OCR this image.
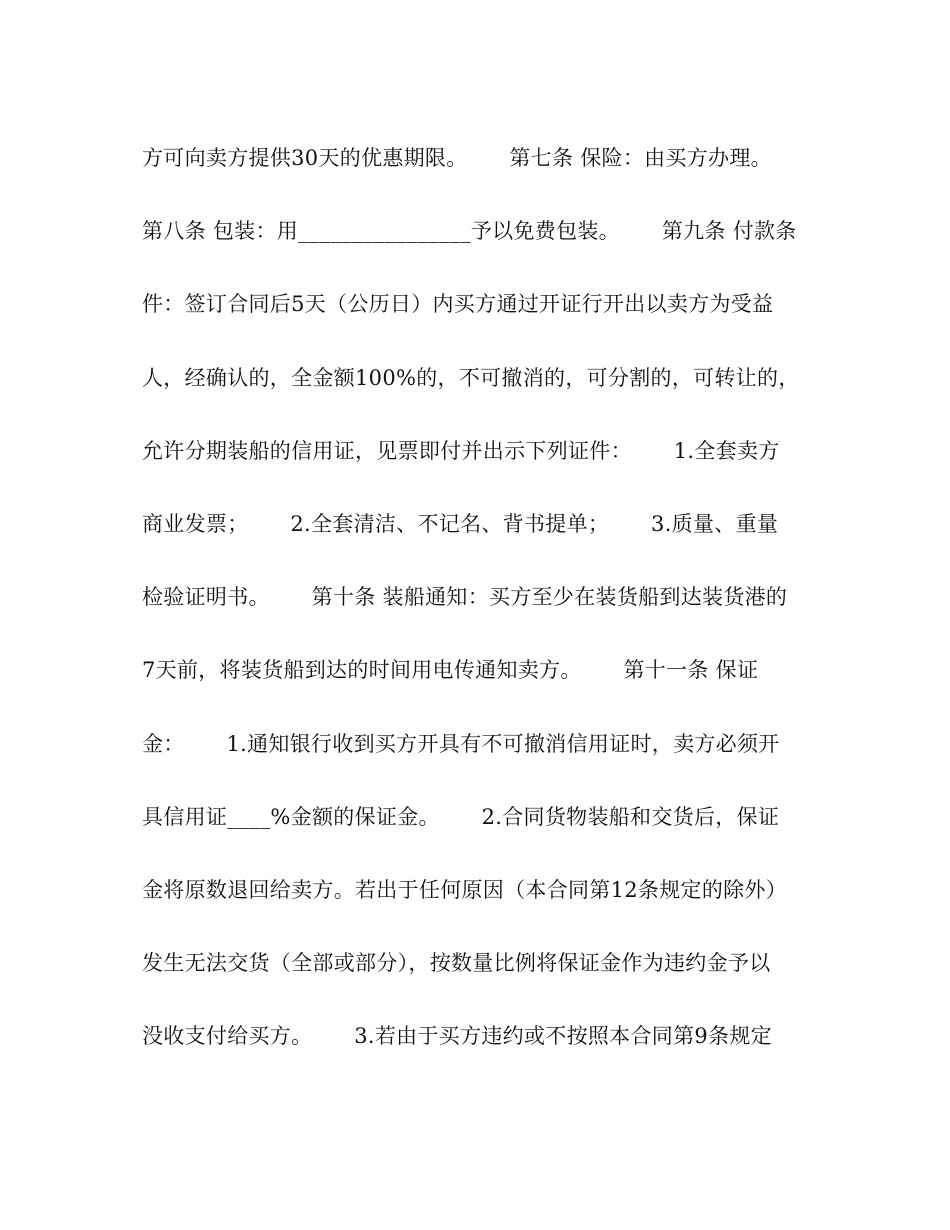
方可向卖方提供30天的优惠期限。      第七条 保险：由买方办理。
第八条 包装：用________________予以免费包装。      第九条 付款条
件：签订合同后5天（公历日）内买方通过开证行开出以卖方为受益
人，经确认的，全金额100%的，不可撤消的，可分割的，可转让的，
允许分期装船的信用证，见票即付并出示下列证件：      1.全套卖方
商业发票；      2.全套清洁、不记名、背书提单；      3.质量、重量
检验证明书。      第十条 装船通知：买方至少在装货船到达装货港的
7天前，将装货船到达的时间用电传通知卖方。      第十一条 保证
金：      1.通知银行收到买方开具有不可撤消信用证时，卖方必须开
具信用证____%金额的保证金。      2.合同货物装船和交货后，保证
金将原数退回给卖方。若出于任何原因（本合同第12条规定的除外）
发生无法交货（全部或部分），按数量比例将保证金作为违约金予以
没收支付给买方。      3.若由于买方违约或不按照本合同第9条规定
